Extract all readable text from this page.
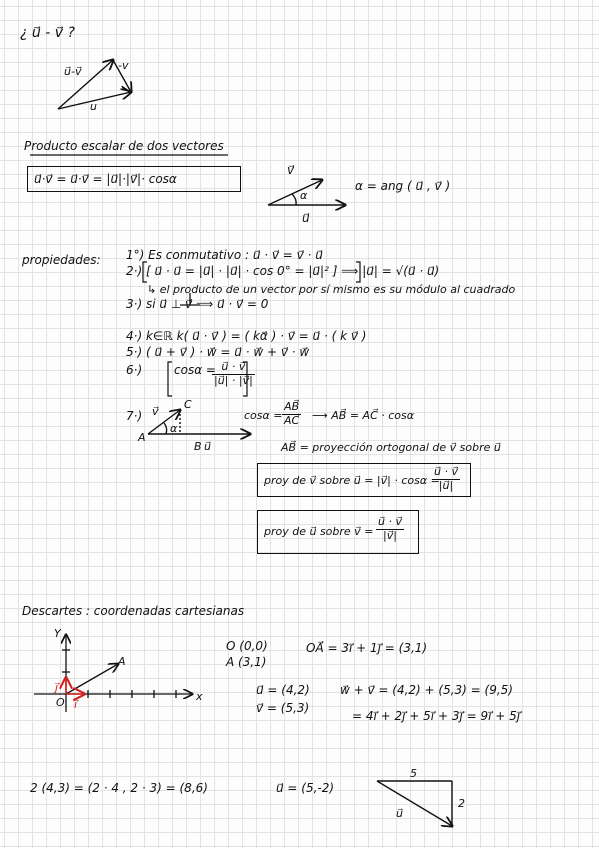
¿ u⃗ - v⃗ ?
u⃗-v⃗	-v
u
Producto escalar de dos vectores
u⃗·v⃗ = u⃗·v⃗ = |u⃗|·|v⃗|· cosα
v⃗
α
u⃗
α = ang ( u⃗ , v⃗ )
propiedades: 1°) Es conmutativo : u⃗ · v⃗ = v⃗ · u⃗
2·) [ u⃗ · u⃗ = |u⃗| · |u⃗| · cos 0° = |u⃗|² ] ⟹ |u⃗| = √(u⃗ · u⃗)
↳ el producto de un vector por sí mismo es su módulo al cuadrado
3·) si u⃗ ⊥ v⃗ ⟹ u⃗ · v⃗ = 0
4·) k∈ℝ k( u⃗ · v⃗ ) = ( kα⃗ ) · v⃗ = u⃗ · ( k v⃗ )
5·) ( u⃗ + v⃗ ) · w⃗ = u⃗ · w⃗ + v⃗ · w⃗
6·)	cosα =
$\frac{u⃗ \cdot v⃗}{|u⃗| \cdot |v⃗|}$
7·) v⃗
C
A
α
B u⃗
$\cos\alpha = \frac{AB⃗}{AC⃗}$ ⟶ AB⃗ = AC⃗ · cosα
AB⃗ = proyección ortogonal de v⃗ sobre u⃗
proy de v⃗ sobre u⃗ = |v⃗| · cosα =
$\frac{u⃗ \cdot v⃗}{|u⃗|}$
proy de u⃗ sobre v⃗ = $\frac{u⃗ \cdot v⃗}{|v⃗|}$
Descartes : coordenadas cartesianas
Y
x
O
A
i⃗
j⃗
O (0,0)
A (3,1)
OA⃗ = 3i⃗ + 1j⃗ = (3,1)
u⃗ = (4,2)
v⃗ = (5,3)
w⃗ + v⃗ = (4,2) + (5,3) = (9,5)
= 4i⃗ + 2j⃗ + 5i⃗ + 3j⃗ = 9i⃗ + 5j⃗
2 (4,3) = (2 · 4 , 2 · 3) = (8,6)	u⃗ = (5,-2)
5
2
u⃗
